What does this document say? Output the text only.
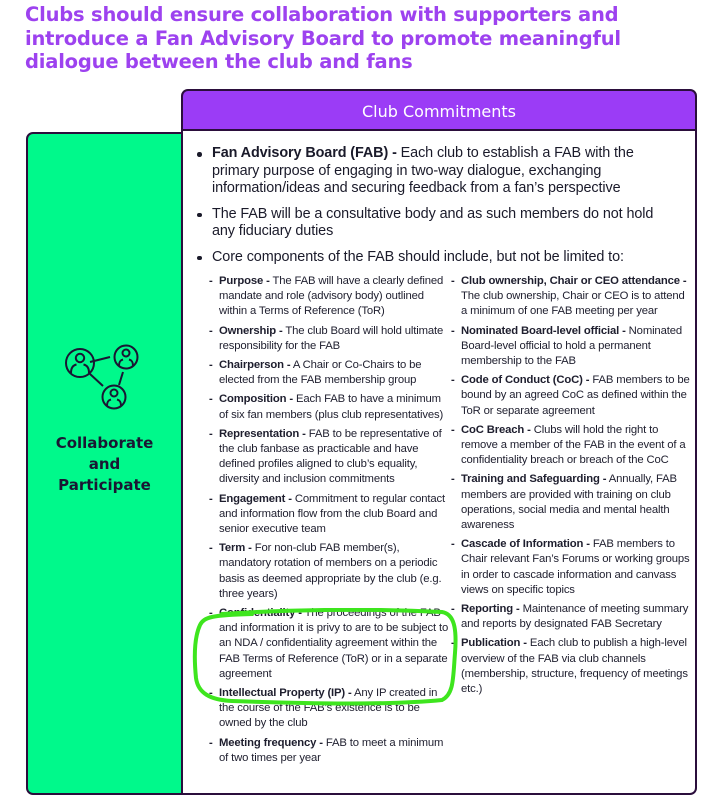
Clubs should ensure collaboration with supporters and introduce a Fan Advisory Board to promote meaningful dialogue between the club and fans
Club Commitments
Collaborate
and
Participate
Fan Advisory Board (FAB) - Each club to establish a FAB with the primary purpose of engaging in two-way dialogue, exchanging information/ideas and securing feedback from a fan’s perspective
The FAB will be a consultative body and as such members do not hold any fiduciary duties
Core components of the FAB should include, but not be limited to:
- Purpose - The FAB will have a clearly defined mandate and role (advisory body) outlined within a Terms of Reference (ToR)
- Ownership - The club Board will hold ultimate responsibility for the FAB
- Chairperson - A Chair or Co-Chairs to be elected from the FAB membership group
- Composition - Each FAB to have a minimum of six fan members (plus club representatives)
- Representation - FAB to be representative of the club fanbase as practicable and have defined profiles aligned to club’s equality, diversity and inclusion commitments
- Engagement - Commitment to regular contact and information flow from the club Board and senior executive team
- Term - For non-club FAB member(s), mandatory rotation of members on a periodic basis as deemed appropriate by the club (e.g. three years)
- Confidentiality - The proceedings of the FAB and information it is privy to are to be subject to an NDA / confidentiality agreement within the FAB Terms of Reference (ToR) or in a separate agreement
- Intellectual Property (IP) - Any IP created in the course of the FAB’s existence is to be owned by the club
- Meeting frequency - FAB to meet a minimum of two times per year
- Club ownership, Chair or CEO attendance - The club ownership, Chair or CEO is to attend a minimum of one FAB meeting per year
- Nominated Board-level official - Nominated Board-level official to hold a permanent membership to the FAB
- Code of Conduct (CoC) - FAB members to be bound by an agreed CoC as defined within the ToR or separate agreement
- CoC Breach - Clubs will hold the right to remove a member of the FAB in the event of a confidentiality breach or breach of the CoC
- Training and Safeguarding - Annually, FAB members are provided with training on club operations, social media and mental health awareness
- Cascade of Information - FAB members to Chair relevant Fan’s Forums or working groups in order to cascade information and canvass views on specific topics
- Reporting - Maintenance of meeting summary and reports by designated FAB Secretary
- Publication - Each club to publish a high-level overview of the FAB via club channels (membership, structure, frequency of meetings etc.)
